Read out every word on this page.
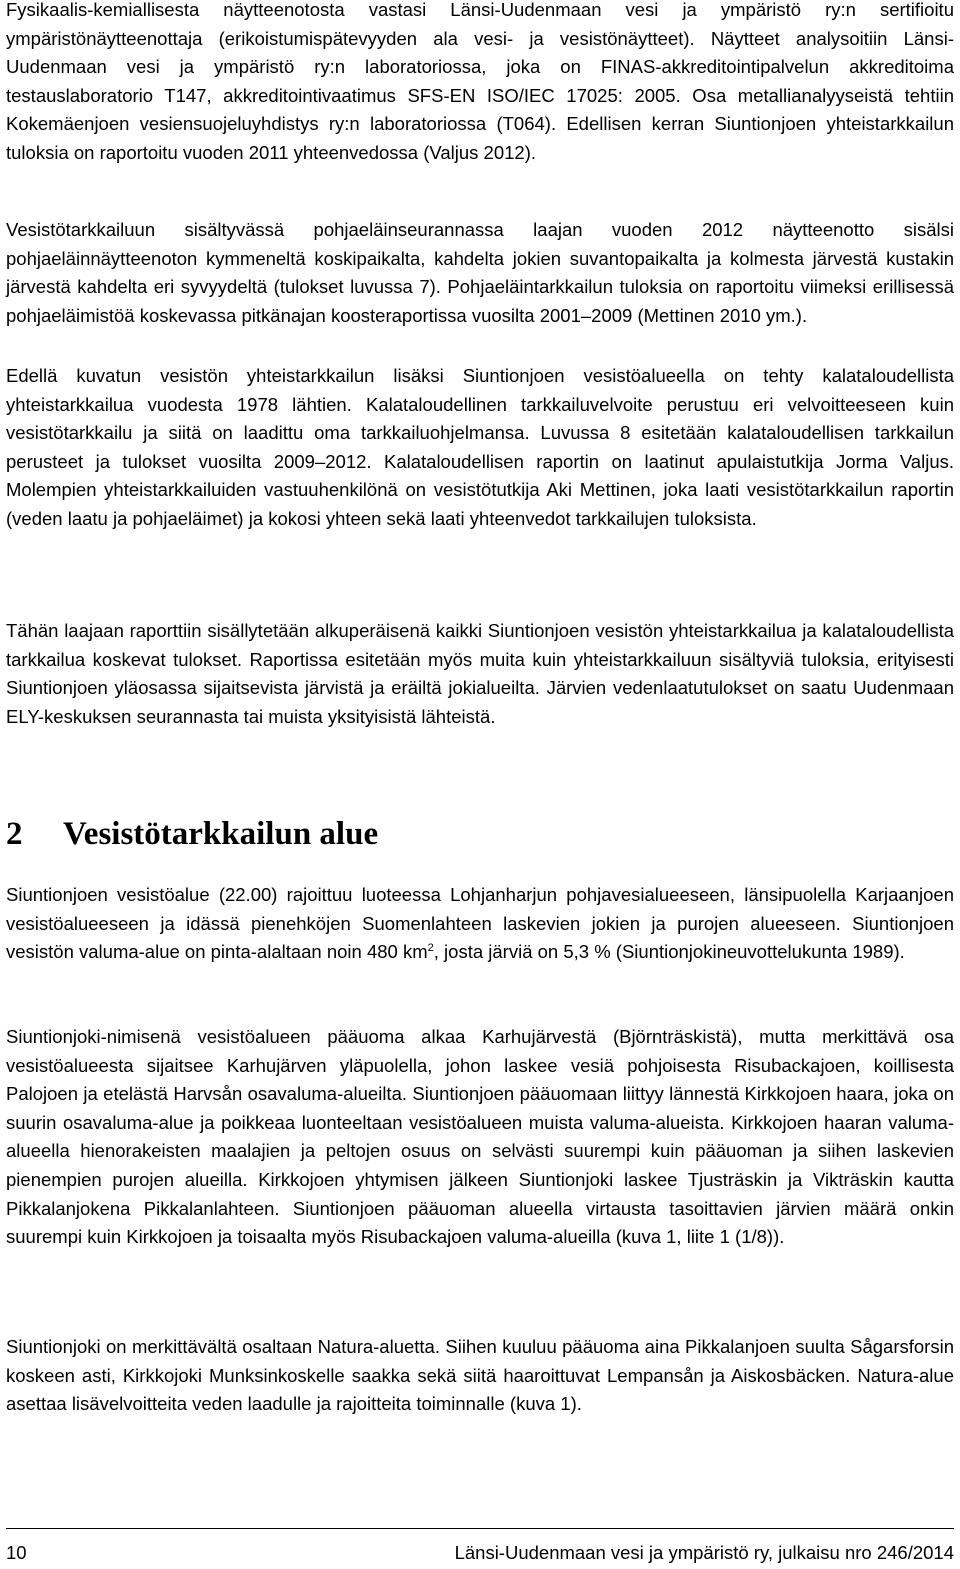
Fysikaalis-kemiallisesta näytteenotosta vastasi Länsi-Uudenmaan vesi ja ympäristö ry:n sertifioitu ympäristönäytteenottaja (erikoistumispätevyyden ala vesi- ja vesistönäytteet). Näytteet analysoitiin Länsi-Uudenmaan vesi ja ympäristö ry:n laboratoriossa, joka on FINAS-akkreditointipalvelun akkreditoima testauslaboratorio T147, akkreditointivaatimus SFS-EN ISO/IEC 17025: 2005. Osa metallianalyyseistä tehtiin Kokemäenjoen vesiensuojeluyhdistys ry:n laboratoriossa (T064). Edellisen kerran Siuntionjoen yhteistarkkailun tuloksia on raportoitu vuoden 2011 yhteenvedossa (Valjus 2012).

Vesistötarkkailuun sisältyvässä pohjaeläinseurannassa laajan vuoden 2012 näytteenotto sisälsi pohjaeläinnäytteenoton kymmeneltä koskipaikalta, kahdelta jokien suvantopaikalta ja kolmesta järvestä kustakin järvestä kahdelta eri syvyydeltä (tulokset luvussa 7). Pohjaeläintarkkailun tuloksia on raportoitu viimeksi erillisessä pohjaeläimistöä koskevassa pitkänajan koosteraportissa vuosilta 2001–2009 (Mettinen 2010 ym.).

Edellä kuvatun vesistön yhteistarkkailun lisäksi Siuntionjoen vesistöalueella on tehty kalataloudellista yhteistarkkailua vuodesta 1978 lähtien. Kalataloudellinen tarkkailuvelvoite perustuu eri velvoitteeseen kuin vesistötarkkailu ja siitä on laadittu oma tarkkailuohjelmansa. Luvussa 8 esitetään kalataloudellisen tarkkailun perusteet ja tulokset vuosilta 2009–2012. Kalataloudellisen raportin on laatinut apulaistutkija Jorma Valjus. Molempien yhteistarkkailuiden vastuuhenkilönä on vesistötutkija Aki Mettinen, joka laati vesistötarkkailun raportin (veden laatu ja pohjaeläimet) ja kokosi yhteen sekä laati yhteenvedot tarkkailujen tuloksista.

Tähän laajaan raporttiin sisällytetään alkuperäisenä kaikki Siuntionjoen vesistön yhteistarkkailua ja kalataloudellista tarkkailua koskevat tulokset. Raportissa esitetään myös muita kuin yhteistarkkailuun sisältyviä tuloksia, erityisesti Siuntionjoen yläosassa sijaitsevista järvistä ja eräiltä jokialueilta. Järvien vedenlaatutulokset on saatu Uudenmaan ELY-keskuksen seurannasta tai muista yksityisistä lähteistä.

2 Vesistötarkkailun alue

Siuntionjoen vesistöalue (22.00) rajoittuu luoteessa Lohjanharjun pohjavesialueeseen, länsipuolella Karjaanjoen vesistöalueeseen ja idässä pienehköjen Suomenlahteen laskevien jokien ja purojen alueeseen. Siuntionjoen vesistön valuma-alue on pinta-alaltaan noin 480 $km^2$, josta järviä on 5,3 % (Siuntionjokineuvottelukunta 1989).

Siuntionjoki-nimisenä vesistöalueen pääuoma alkaa Karhujärvestä (Björnträskistä), mutta merkittävä osa vesistöalueesta sijaitsee Karhujärven yläpuolella, johon laskee vesiä pohjoisesta Risubackajoen, koillisesta Palojoen ja etelästä Harvsån osavaluma-alueilta. Siuntionjoen pääuomaan liittyy lännestä Kirkkojoen haara, joka on suurin osavaluma-alue ja poikkeaa luonteeltaan vesistöalueen muista valuma-alueista. Kirkkojoen haaran valuma-alueella hienorakeisten maalajien ja peltojen osuus on selvästi suurempi kuin pääuoman ja siihen laskevien pienempien purojen alueilla. Kirkkojoen yhtymisen jälkeen Siuntionjoki laskee Tjusträskin ja Vikträskin kautta Pikkalanjokena Pikkalanlahteen. Siuntionjoen pääuoman alueella virtausta tasoittavien järvien määrä onkin suurempi kuin Kirkkojoen ja toisaalta myös Risubackajoen valuma-alueilla (kuva 1, liite 1 (1/8)).

Siuntionjoki on merkittävältä osaltaan Natura-aluetta. Siihen kuuluu pääuoma aina Pikkalanjoen suulta Sågarsforsin koskeen asti, Kirkkojoki Munksinkoskelle saakka sekä siitä haaroittuvat Lempansån ja Aiskosbäcken. Natura-alue asettaa lisävelvoitteita veden laadulle ja rajoitteita toiminnalle (kuva 1).

10	Länsi-Uudenmaan vesi ja ympäristö ry, julkaisu nro 246/2014
